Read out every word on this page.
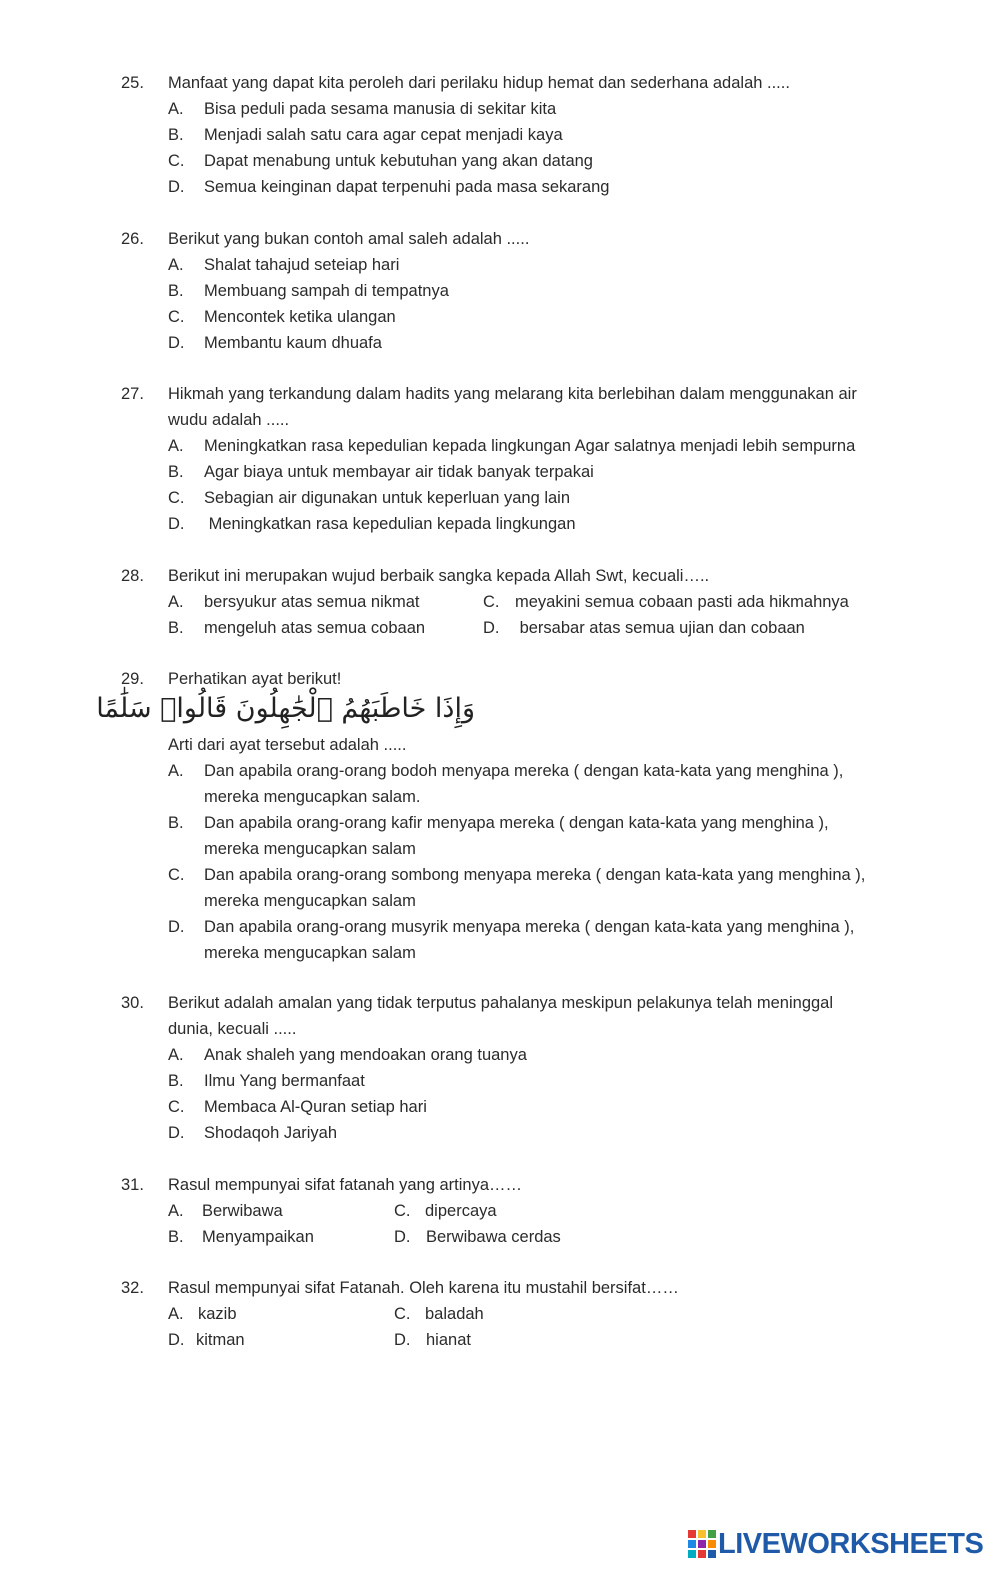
25. Manfaat yang dapat kita peroleh dari perilaku hidup hemat dan sederhana adalah .....
A. Bisa peduli pada sesama manusia di sekitar kita
B. Menjadi salah satu cara agar cepat menjadi kaya
C. Dapat menabung untuk kebutuhan yang akan datang
D. Semua keinginan dapat terpenuhi pada masa sekarang
26. Berikut yang bukan contoh amal saleh adalah .....
A. Shalat tahajud seteiap hari
B. Membuang sampah di tempatnya
C. Mencontek ketika ulangan
D. Membantu kaum dhuafa
27. Hikmah yang terkandung dalam hadits yang melarang kita berlebihan dalam menggunakan air
wudu adalah .....
A. Meningkatkan rasa kepedulian kepada lingkungan Agar salatnya menjadi lebih sempurna
B. Agar biaya untuk membayar air tidak banyak terpakai
C. Sebagian air digunakan untuk keperluan yang lain
D. Meningkatkan rasa kepedulian kepada lingkungan
28. Berikut ini merupakan wujud berbaik sangka kepada Allah Swt, kecuali…..
A. bersyukur atas semua nikmat	C. meyakini semua cobaan pasti ada hikmahnya
B. mengeluh atas semua cobaan	D. bersabar atas semua ujian dan cobaan
29. Perhatikan ayat berikut!
وَإِذَا خَاطَبَهُمُ ٱلْجَٰهِلُونَ قَالُوا۟ سَلَٰمًا
Arti dari ayat tersebut adalah .....
A. Dan apabila orang-orang bodoh menyapa mereka ( dengan kata-kata yang menghina ),
mereka mengucapkan salam.
B. Dan apabila orang-orang kafir menyapa mereka ( dengan kata-kata yang menghina ),
mereka mengucapkan salam
C. Dan apabila orang-orang sombong menyapa mereka ( dengan kata-kata yang menghina ),
mereka mengucapkan salam
D. Dan apabila orang-orang musyrik menyapa mereka ( dengan kata-kata yang menghina ),
mereka mengucapkan salam
30. Berikut adalah amalan yang tidak terputus pahalanya meskipun pelakunya telah meninggal
dunia, kecuali .....
A. Anak shaleh yang mendoakan orang tuanya
B. Ilmu Yang bermanfaat
C. Membaca Al-Quran setiap hari
D. Shodaqoh Jariyah
31. Rasul mempunyai sifat fatanah yang artinya……
A. Berwibawa	C. dipercaya
B. Menyampaikan	D. Berwibawa cerdas
32. Rasul mempunyai sifat Fatanah. Oleh karena itu mustahil bersifat……
A. kazib	C. baladah
D. kitman	D. hianat
LIVEWORKSHEETS
